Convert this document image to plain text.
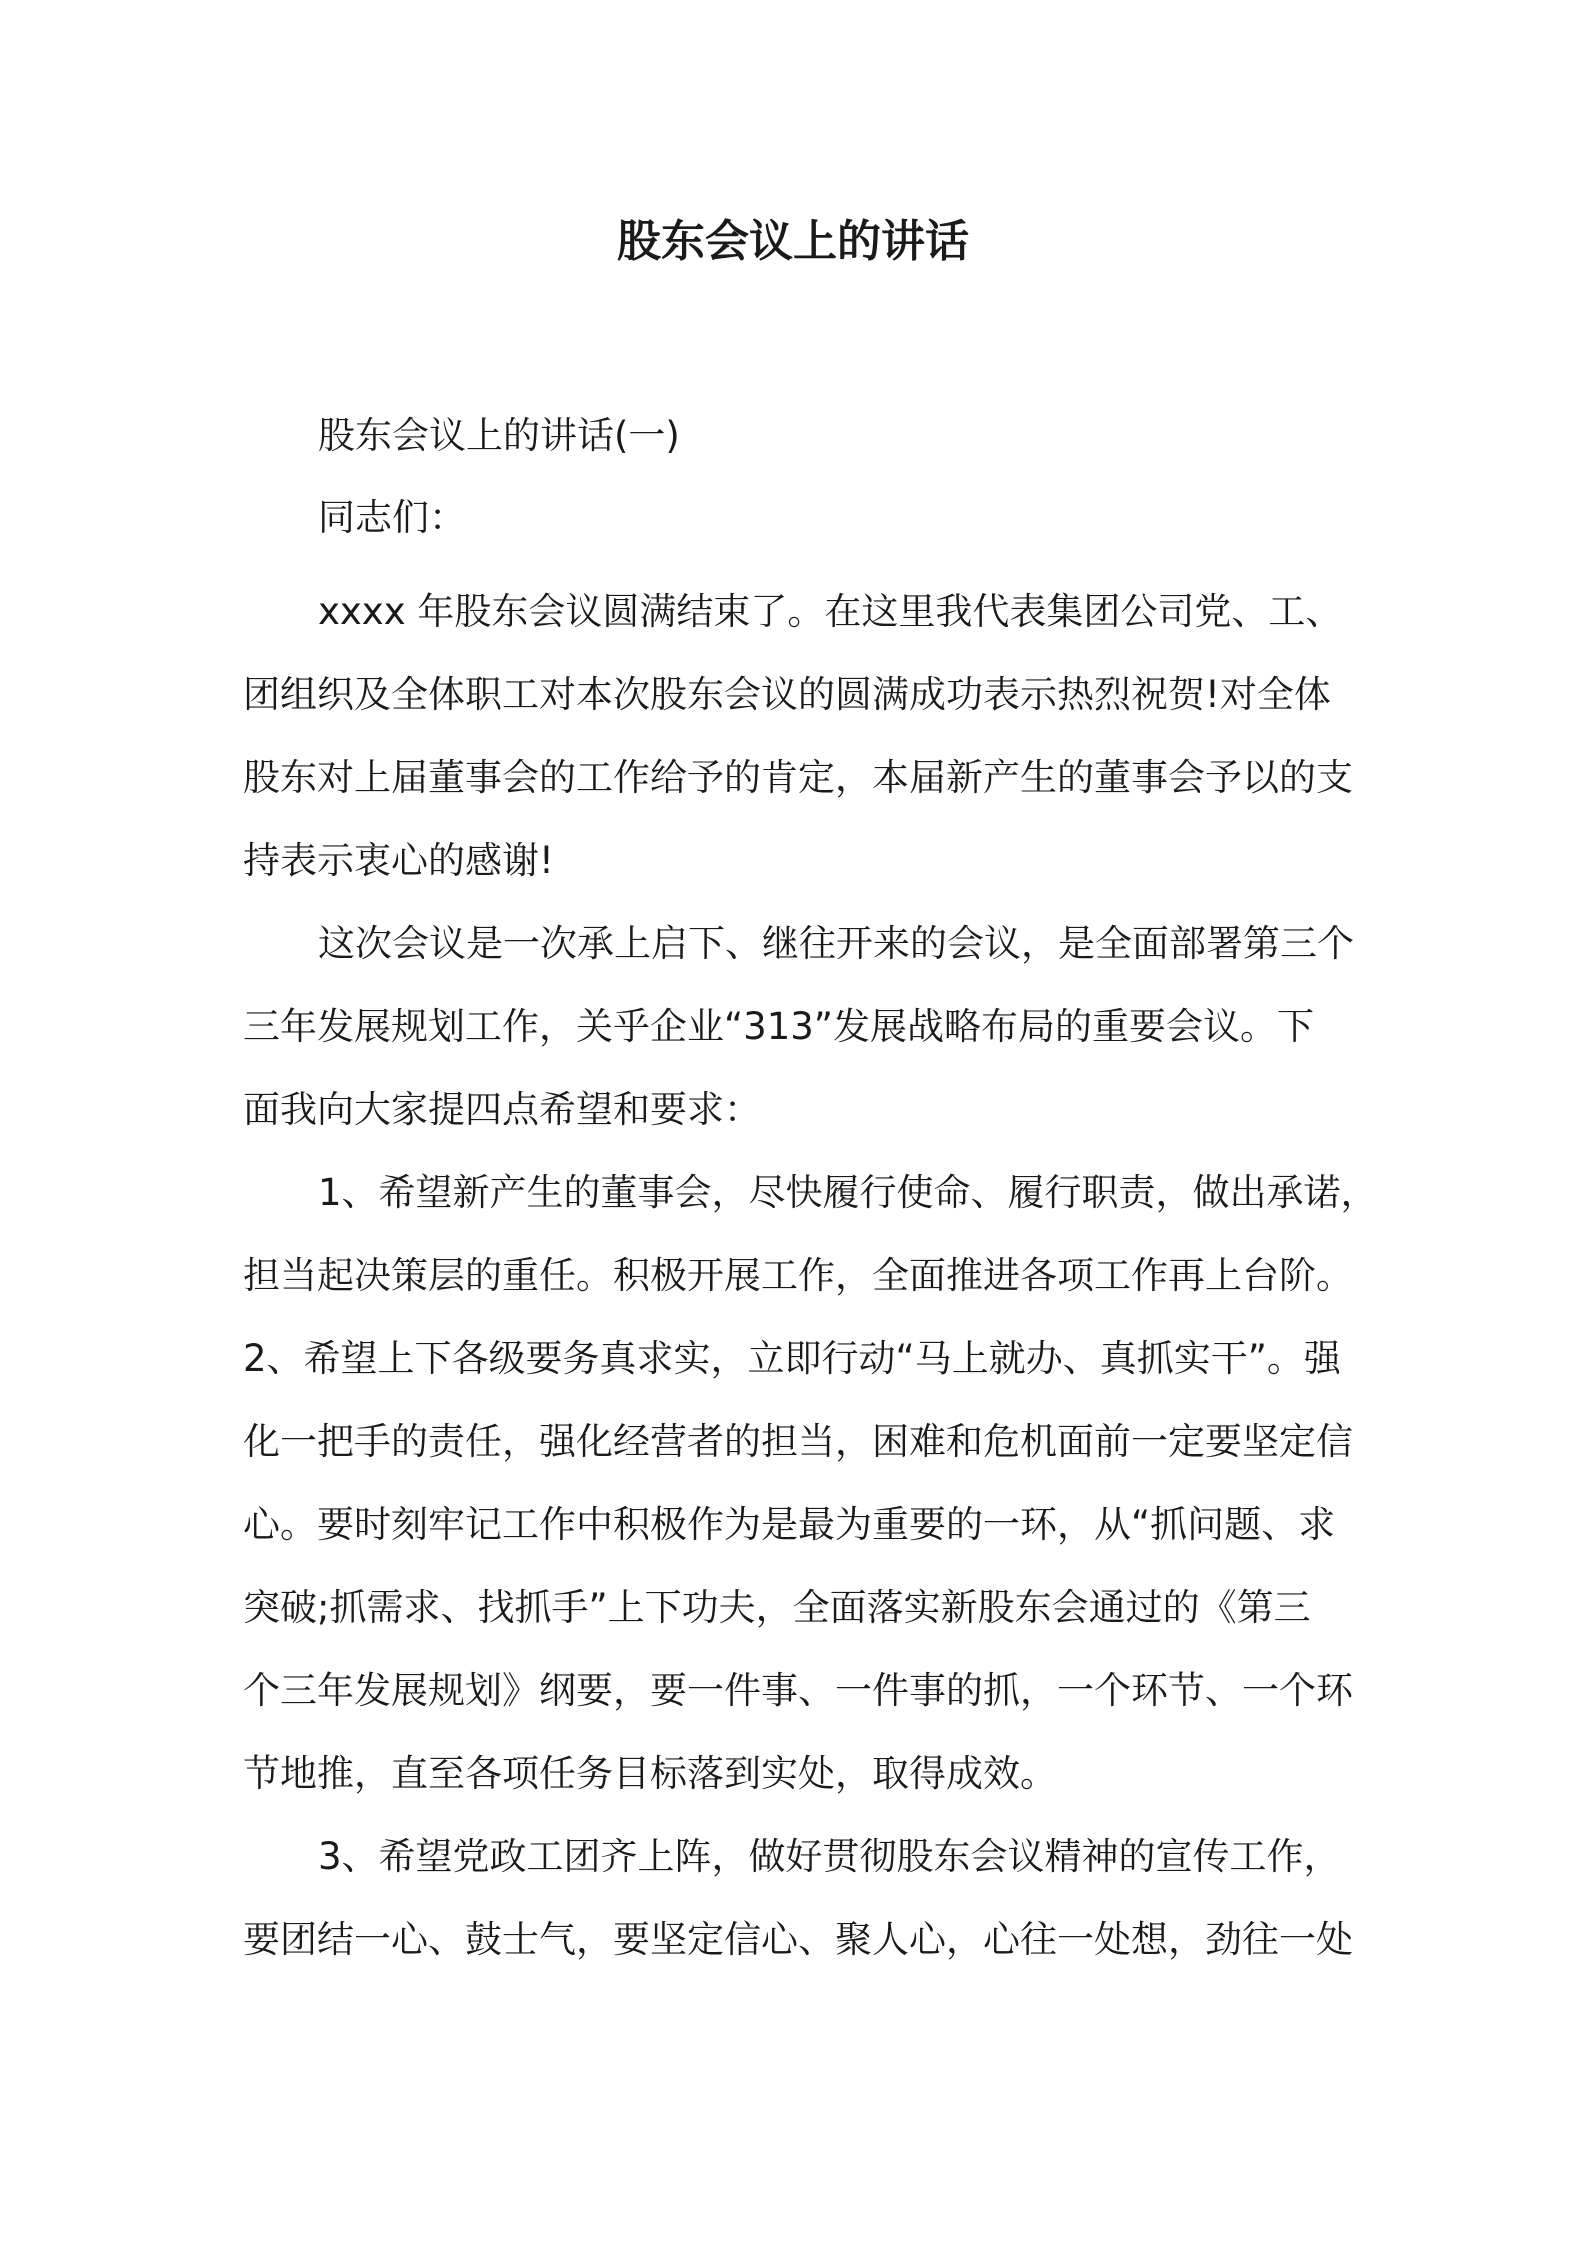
股东会议上的讲话

股东会议上的讲话(一)

同志们：

xxxx 年股东会议圆满结束了。在这里我代表集团公司党、工、

团组织及全体职工对本次股东会议的圆满成功表示热烈祝贺!对全体

股东对上届董事会的工作给予的肯定，本届新产生的董事会予以的支

持表示衷心的感谢!

这次会议是一次承上启下、继往开来的会议，是全面部署第三个

三年发展规划工作，关乎企业“313”发展战略布局的重要会议。下

面我向大家提四点希望和要求：

1、希望新产生的董事会，尽快履行使命、履行职责，做出承诺，

担当起决策层的重任。积极开展工作，全面推进各项工作再上台阶。

2、希望上下各级要务真求实，立即行动“马上就办、真抓实干”。强

化一把手的责任，强化经营者的担当，困难和危机面前一定要坚定信

心。要时刻牢记工作中积极作为是最为重要的一环，从“抓问题、求

突破;抓需求、找抓手”上下功夫，全面落实新股东会通过的《第三

个三年发展规划》纲要，要一件事、一件事的抓，一个环节、一个环

节地推，直至各项任务目标落到实处，取得成效。

3、希望党政工团齐上阵，做好贯彻股东会议精神的宣传工作，

要团结一心、鼓士气，要坚定信心、聚人心，心往一处想，劲往一处
